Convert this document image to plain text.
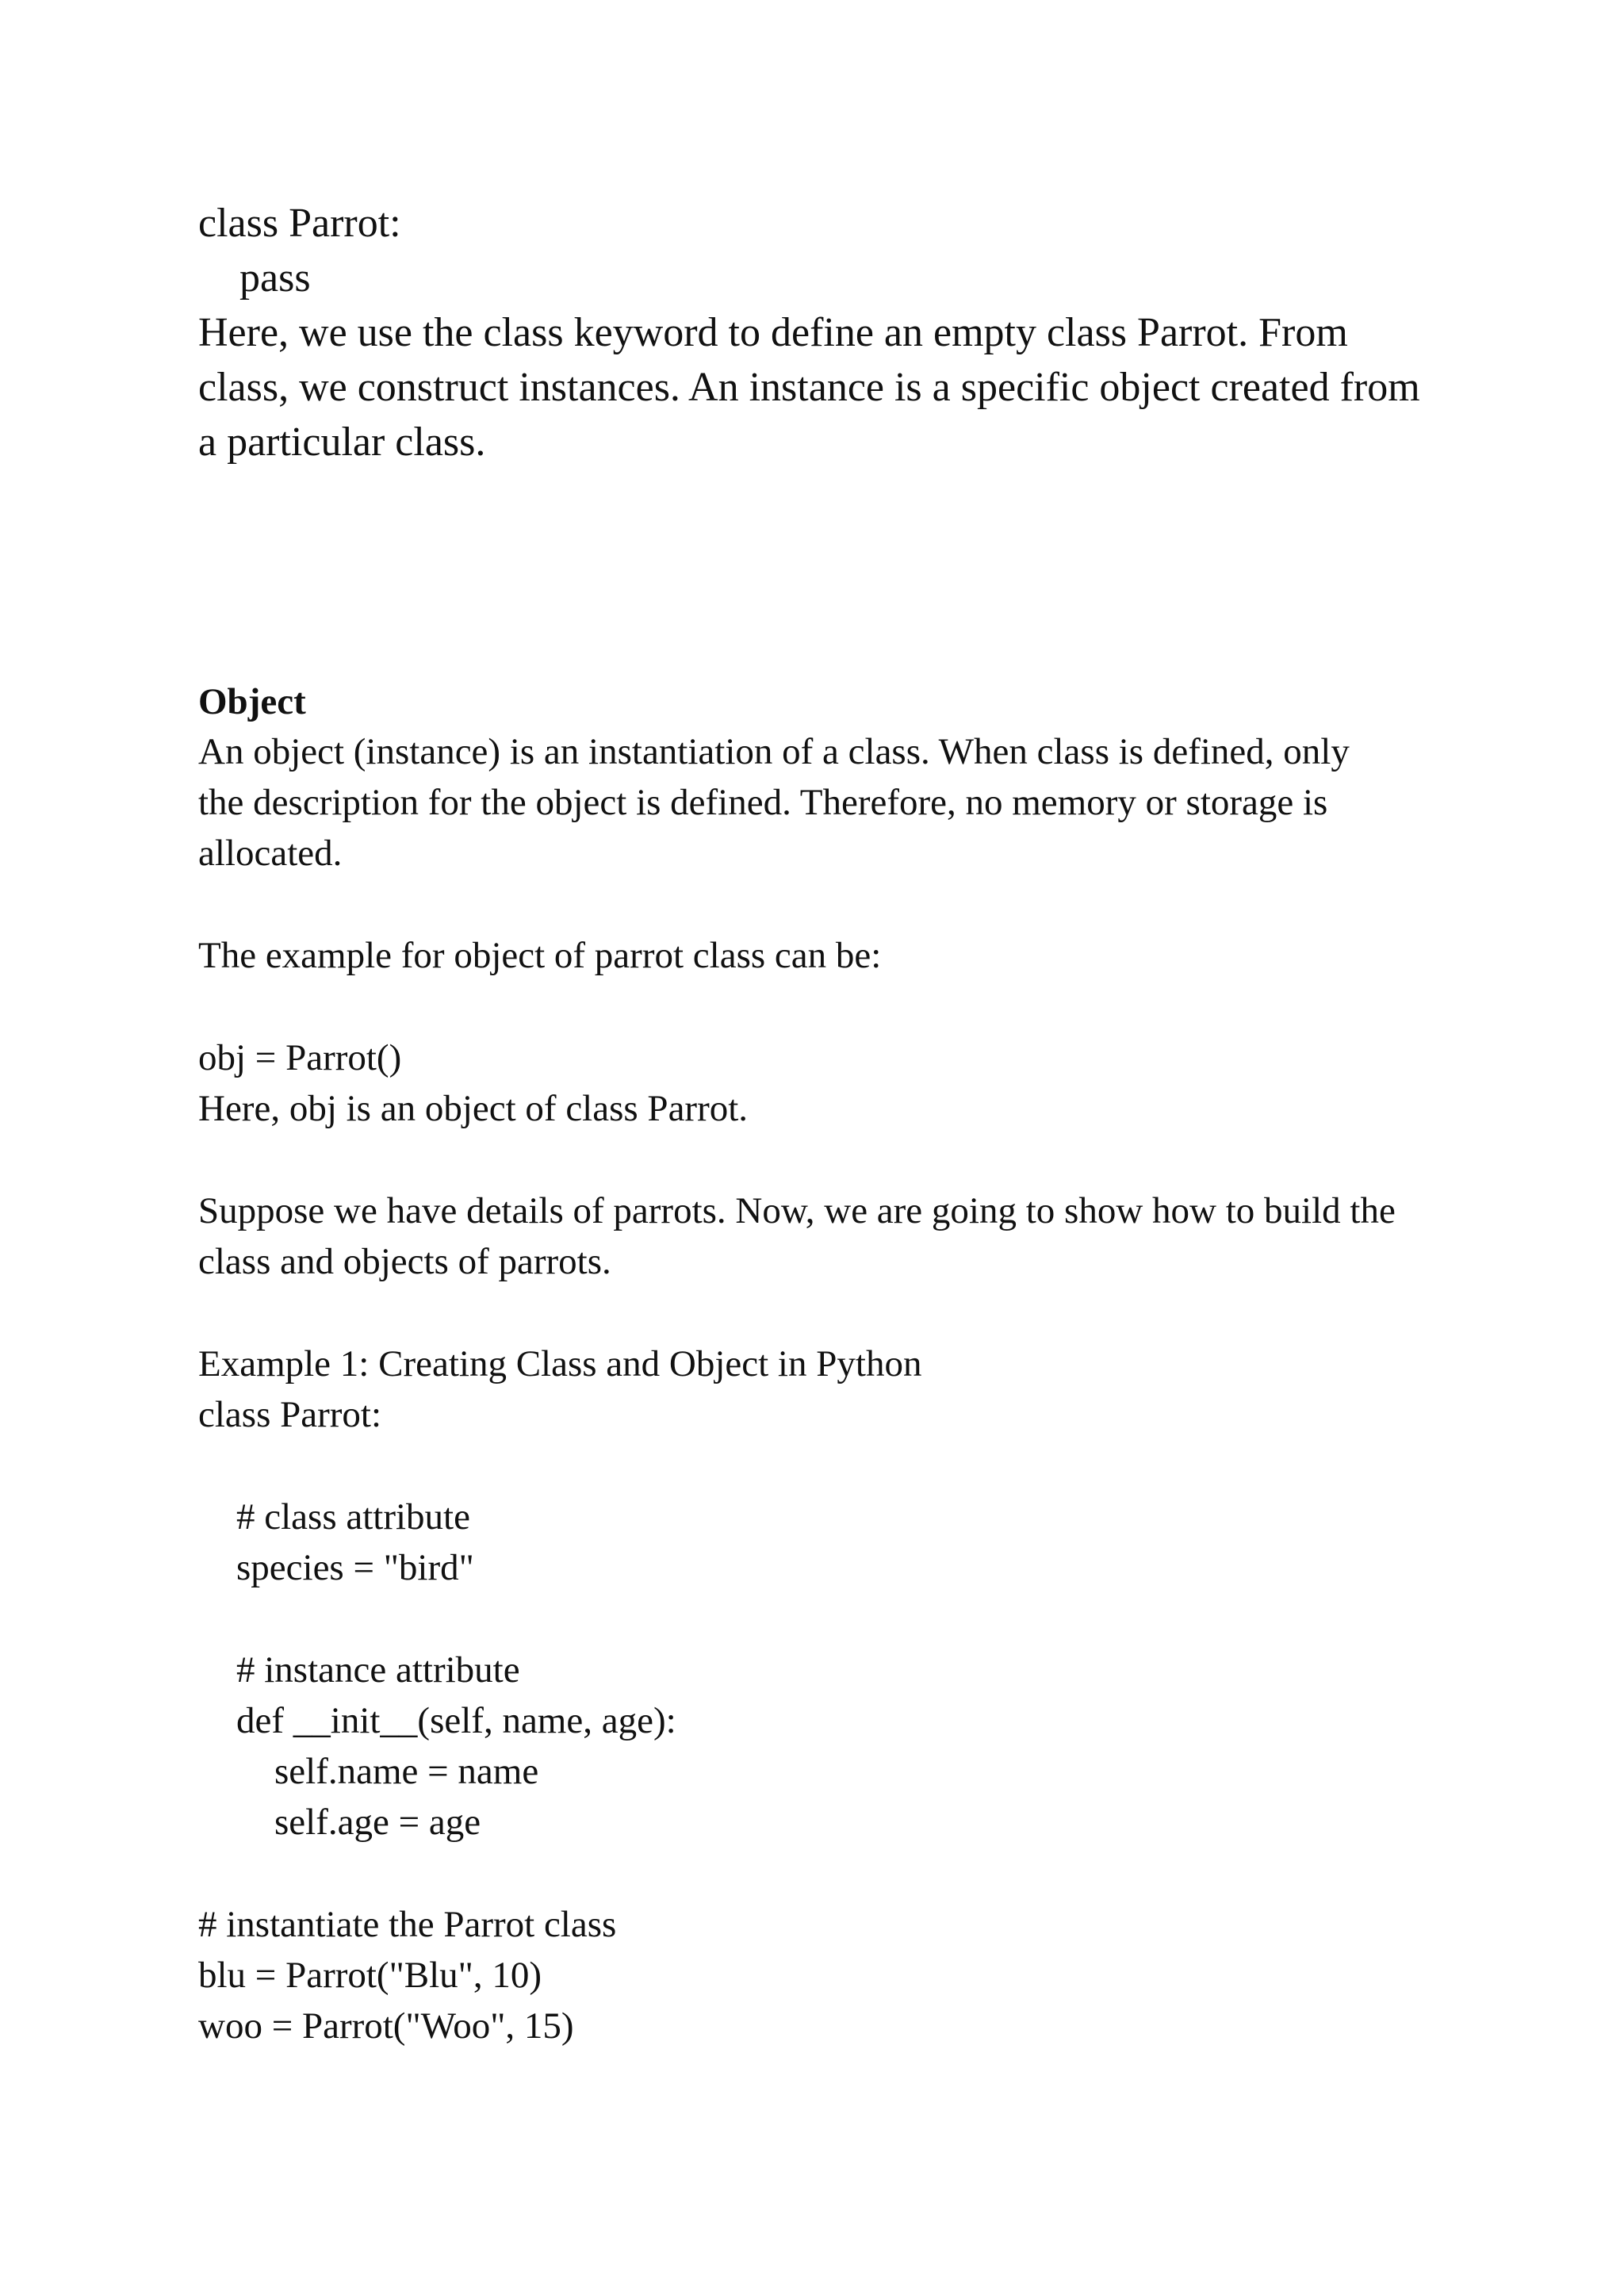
class Parrot:
pass
Here, we use the class keyword to define an empty class Parrot. From
class, we construct instances. An instance is a specific object created from
a particular class.
Object
An object (instance) is an instantiation of a class. When class is defined, only
the description for the object is defined. Therefore, no memory or storage is
allocated.
The example for object of parrot class can be:
obj = Parrot()
Here, obj is an object of class Parrot.
Suppose we have details of parrots. Now, we are going to show how to build the
class and objects of parrots.
Example 1: Creating Class and Object in Python
class Parrot:
# class attribute
species = "bird"
# instance attribute
def __init__(self, name, age):
self.name = name
self.age = age
# instantiate the Parrot class
blu = Parrot("Blu", 10)
woo = Parrot("Woo", 15)
